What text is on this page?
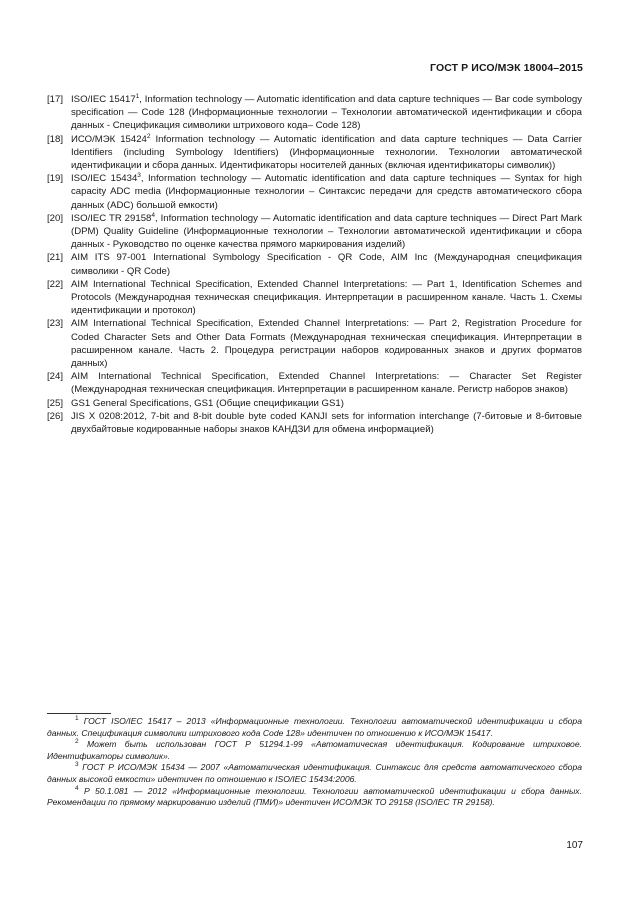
ГОСТ Р ИСО/МЭК 18004–2015
[17] ISO/IEC 15417$^1$, Information technology — Automatic identification and data capture techniques — Bar code symbology specification — Code 128 (Информационные технологии – Технологии автоматической идентификации и сбора данных - Спецификация символики штрихового кода– Code 128)
[18] ИСО/МЭК 15424$^2$ Information technology — Automatic identification and data capture techniques — Data Carrier Identifiers (including Symbology Identifiers) (Информационные технологии. Технологии автоматической идентификации и сбора данных. Идентификаторы носителей данных (включая идентификаторы символик))
[19] ISO/IEC 15434$^3$, Information technology — Automatic identification and data capture techniques — Syntax for high capacity ADC media (Информационные технологии – Синтаксис передачи для средств автоматического сбора данных (ADC) большой емкости)
[20] ISO/IEC TR 29158$^4$, Information technology — Automatic identification and data capture techniques — Direct Part Mark (DPM) Quality Guideline (Информационные технологии – Технологии автоматической идентификации и сбора данных - Руководство по оценке качества прямого маркирования изделий)
[21] AIM ITS 97-001 International Symbology Specification - QR Code, AIM Inc (Международная спецификация символики - QR Code)
[22] AIM International Technical Specification, Extended Channel Interpretations: — Part 1, Identification Schemes and Protocols (Международная техническая спецификация. Интерпретации в расширенном канале. Часть 1. Схемы идентификации и протокол)
[23] AIM International Technical Specification, Extended Channel Interpretations: — Part 2, Registration Procedure for Coded Character Sets and Other Data Formats (Международная техническая спецификация. Интерпретации в расширенном канале. Часть 2. Процедура регистрации наборов кодированных знаков и других форматов данных)
[24] AIM International Technical Specification, Extended Channel Interpretations: — Character Set Register (Международная техническая спецификация. Интерпретации в расширенном канале. Регистр наборов знаков)
[25] GS1 General Specifications, GS1 (Общие спецификации GS1)
[26] JIS X 0208:2012, 7-bit and 8-bit double byte coded KANJI sets for information interchange (7-битовые и 8-битовые двухбайтовые кодированные наборы знаков КАНДЗИ для обмена информацией)
$^1$ ГОСТ ISO/IEC 15417 – 2013 «Информационные технологии. Технологии автоматической идентификации и сбора данных. Спецификация символики штрихового кода Code 128» идентичен по отношению к ИСО/МЭК 15417.
$^2$ Может быть использован ГОСТ Р 51294.1-99 «Автоматическая идентификация. Кодирование штриховое. Идентификаторы символик».
$^3$ ГОСТ Р ИСО/МЭК 15434 — 2007 «Автоматическая идентификация. Синтаксис для средств автоматического сбора данных высокой емкости» идентичен по отношению к ISO/IEC 15434:2006.
$^4$ Р 50.1.081 — 2012 «Информационные технологии. Технологии автоматической идентификации и сбора данных. Рекомендации по прямому маркированию изделий (ПМИ)» идентичен ИСО/МЭК ТО 29158 (ISO/IEC TR 29158).
107
